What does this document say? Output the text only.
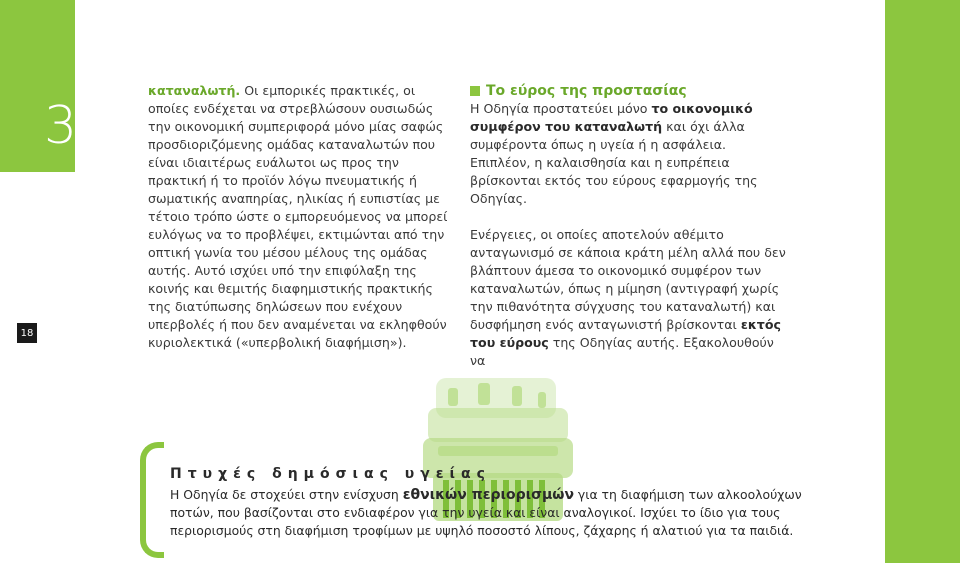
3
18

καταναλωτή. Οι εμπορικές πρακτικές, οι οποίες ενδέχεται να στρεβλώσουν ουσιωδώς την οικονομική συμπεριφορά μόνο μίας σαφώς προσδιοριζόμενης ομάδας καταναλωτών που είναι ιδιαιτέρως ευάλωτοι ως προς την πρακτική ή το προϊόν λόγω πνευματικής ή σωματικής αναπηρίας, ηλικίας ή ευπιστίας με τέτοιο τρόπο ώστε ο εμπορευόμενος να μπορεί ευλόγως να το προβλέψει, εκτιμώνται από την οπτική γωνία του μέσου μέλους της ομάδας αυτής. Αυτό ισχύει υπό την επιφύλαξη της κοινής και θεμιτής διαφημιστικής πρακτικής της διατύπωσης δηλώσεων που ενέχουν υπερβολές ή που δεν αναμένεται να εκληφθούν κυριολεκτικά («υπερβολική διαφήμιση»).

Το εύρος της προστασίας

Η Οδηγία προστατεύει μόνο το οικονομικό συμφέρον του καταναλωτή και όχι άλλα συμφέροντα όπως η υγεία ή η ασφάλεια. Επιπλέον, η καλαισθησία και η ευπρέπεια βρίσκονται εκτός του εύρους εφαρμογής της Οδηγίας.

Ενέργειες, οι οποίες αποτελούν αθέμιτο ανταγωνισμό σε κάποια κράτη μέλη αλλά που δεν βλάπτουν άμεσα το οικονομικό συμφέρον των καταναλωτών, όπως η μίμηση (αντιγραφή χωρίς την πιθανότητα σύγχυσης του καταναλωτή) και δυσφήμηση ενός ανταγωνιστή βρίσκονται εκτός του εύρους της Οδηγίας αυτής. Εξακολουθούν να

Πτυχές δημόσιας υγείας
Η Οδηγία δε στοχεύει στην ενίσχυση εθνικών περιορισμών για τη διαφήμιση των αλκοολούχων ποτών, που βασίζονται στο ενδιαφέρον για την υγεία και είναι αναλογικοί. Ισχύει το ίδιο για τους περιορισμούς στη διαφήμιση τροφίμων με υψηλό ποσοστό λίπους, ζάχαρης ή αλατιού για τα παιδιά.
